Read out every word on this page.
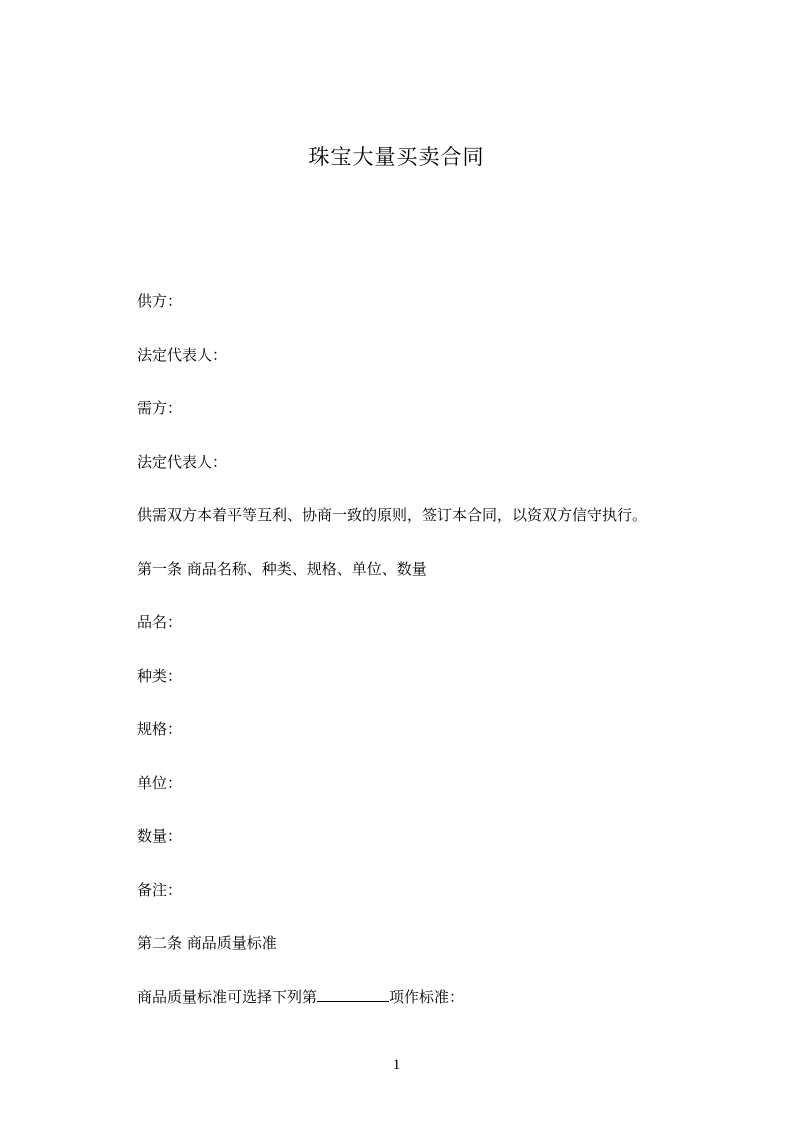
珠宝大量买卖合同
供方：
法定代表人：
需方：
法定代表人：
供需双方本着平等互利、协商一致的原则，签订本合同，以资双方信守执行。
第一条 商品名称、种类、规格、单位、数量
品名：
种类：
规格：
单位：
数量：
备注：
第二条 商品质量标准
商品质量标准可选择下列第	项作标准：
1
